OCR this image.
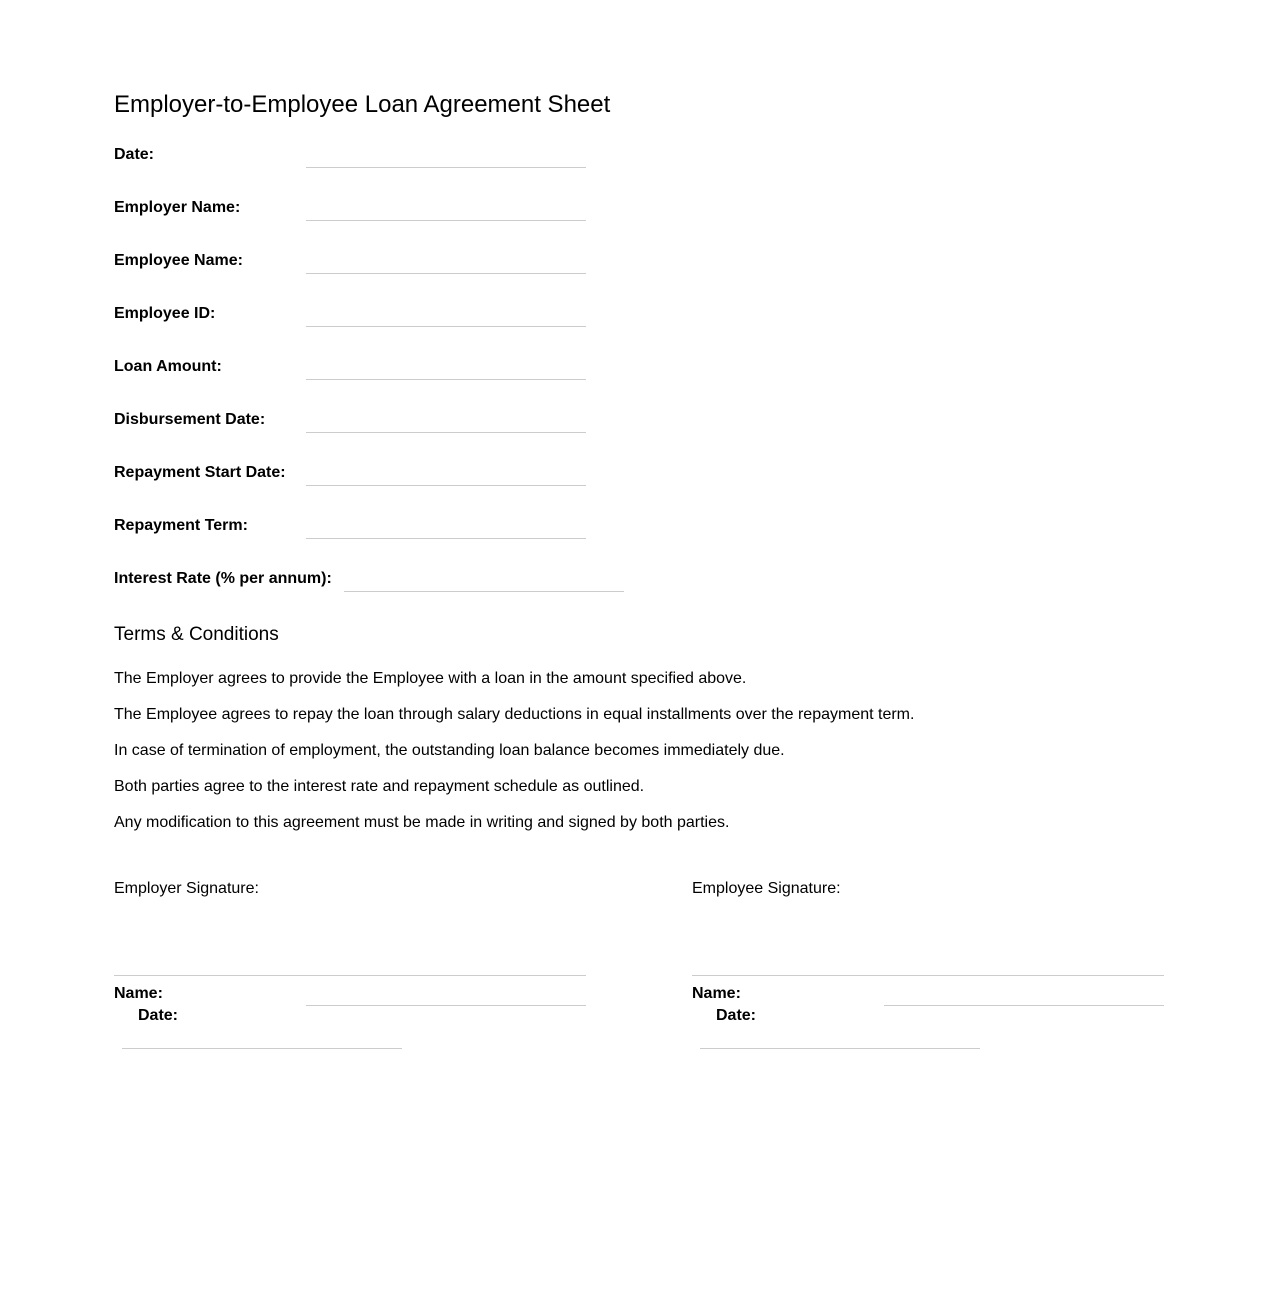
Employer-to-Employee Loan Agreement Sheet
Date:
Employer Name:
Employee Name:
Employee ID:
Loan Amount:
Disbursement Date:
Repayment Start Date:
Repayment Term:
Interest Rate (% per annum):
Terms & Conditions
The Employer agrees to provide the Employee with a loan in the amount specified above.
The Employee agrees to repay the loan through salary deductions in equal installments over the repayment term.
In case of termination of employment, the outstanding loan balance becomes immediately due.
Both parties agree to the interest rate and repayment schedule as outlined.
Any modification to this agreement must be made in writing and signed by both parties.
Employer Signature:
Name:
Date:
Employee Signature:
Name:
Date:
